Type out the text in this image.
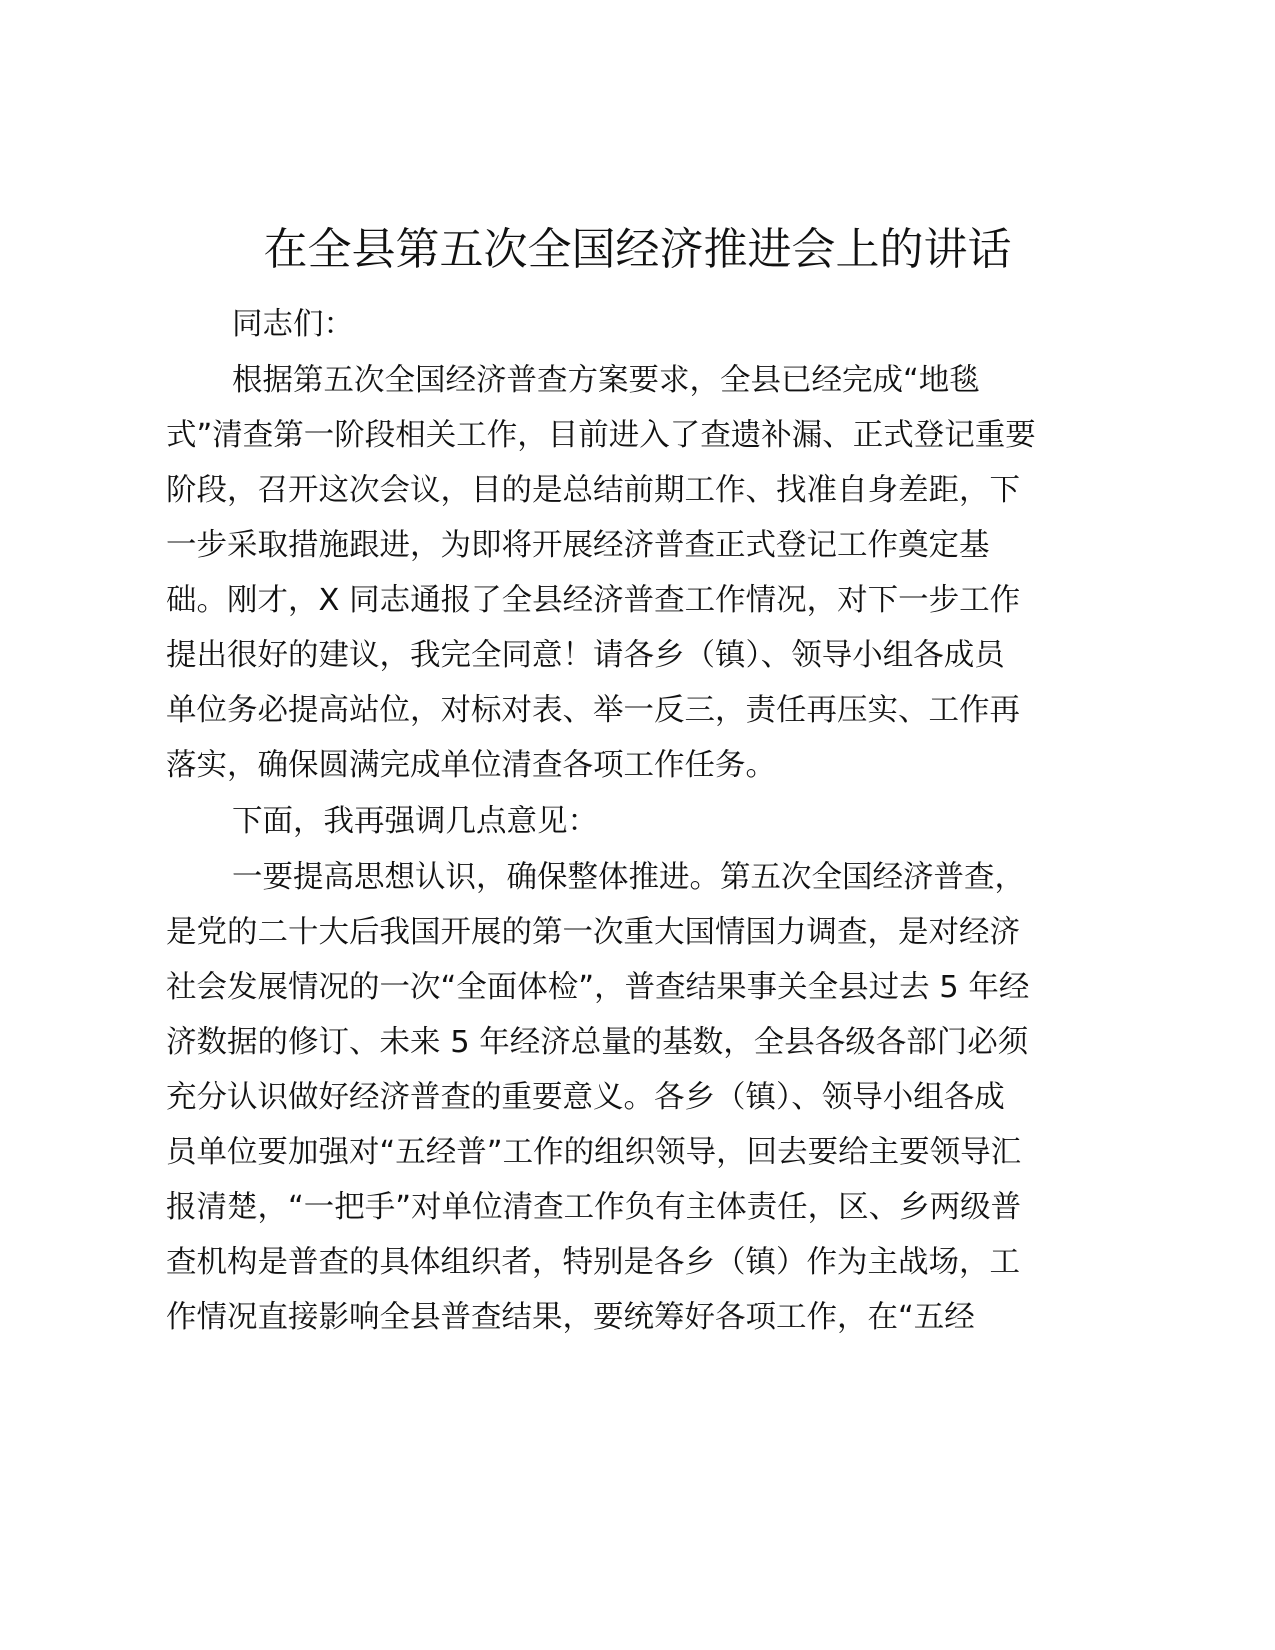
在全县第五次全国经济推进会上的讲话
同志们：
根据第五次全国经济普查方案要求，全县已经完成“地毯
式”清查第一阶段相关工作，目前进入了查遗补漏、正式登记重要
阶段，召开这次会议，目的是总结前期工作、找准自身差距，下
一步采取措施跟进，为即将开展经济普查正式登记工作奠定基
础。刚才，X 同志通报了全县经济普查工作情况，对下一步工作
提出很好的建议，我完全同意！请各乡（镇）、领导小组各成员
单位务必提高站位，对标对表、举一反三，责任再压实、工作再
落实，确保圆满完成单位清查各项工作任务。
下面，我再强调几点意见：
一要提高思想认识，确保整体推进。第五次全国经济普查，
是党的二十大后我国开展的第一次重大国情国力调查，是对经济
社会发展情况的一次“全面体检”，普查结果事关全县过去 5 年经
济数据的修订、未来 5 年经济总量的基数，全县各级各部门必须
充分认识做好经济普查的重要意义。各乡（镇）、领导小组各成
员单位要加强对“五经普”工作的组织领导，回去要给主要领导汇
报清楚，“一把手”对单位清查工作负有主体责任，区、乡两级普
查机构是普查的具体组织者，特别是各乡（镇）作为主战场，工
作情况直接影响全县普查结果，要统筹好各项工作，在“五经
